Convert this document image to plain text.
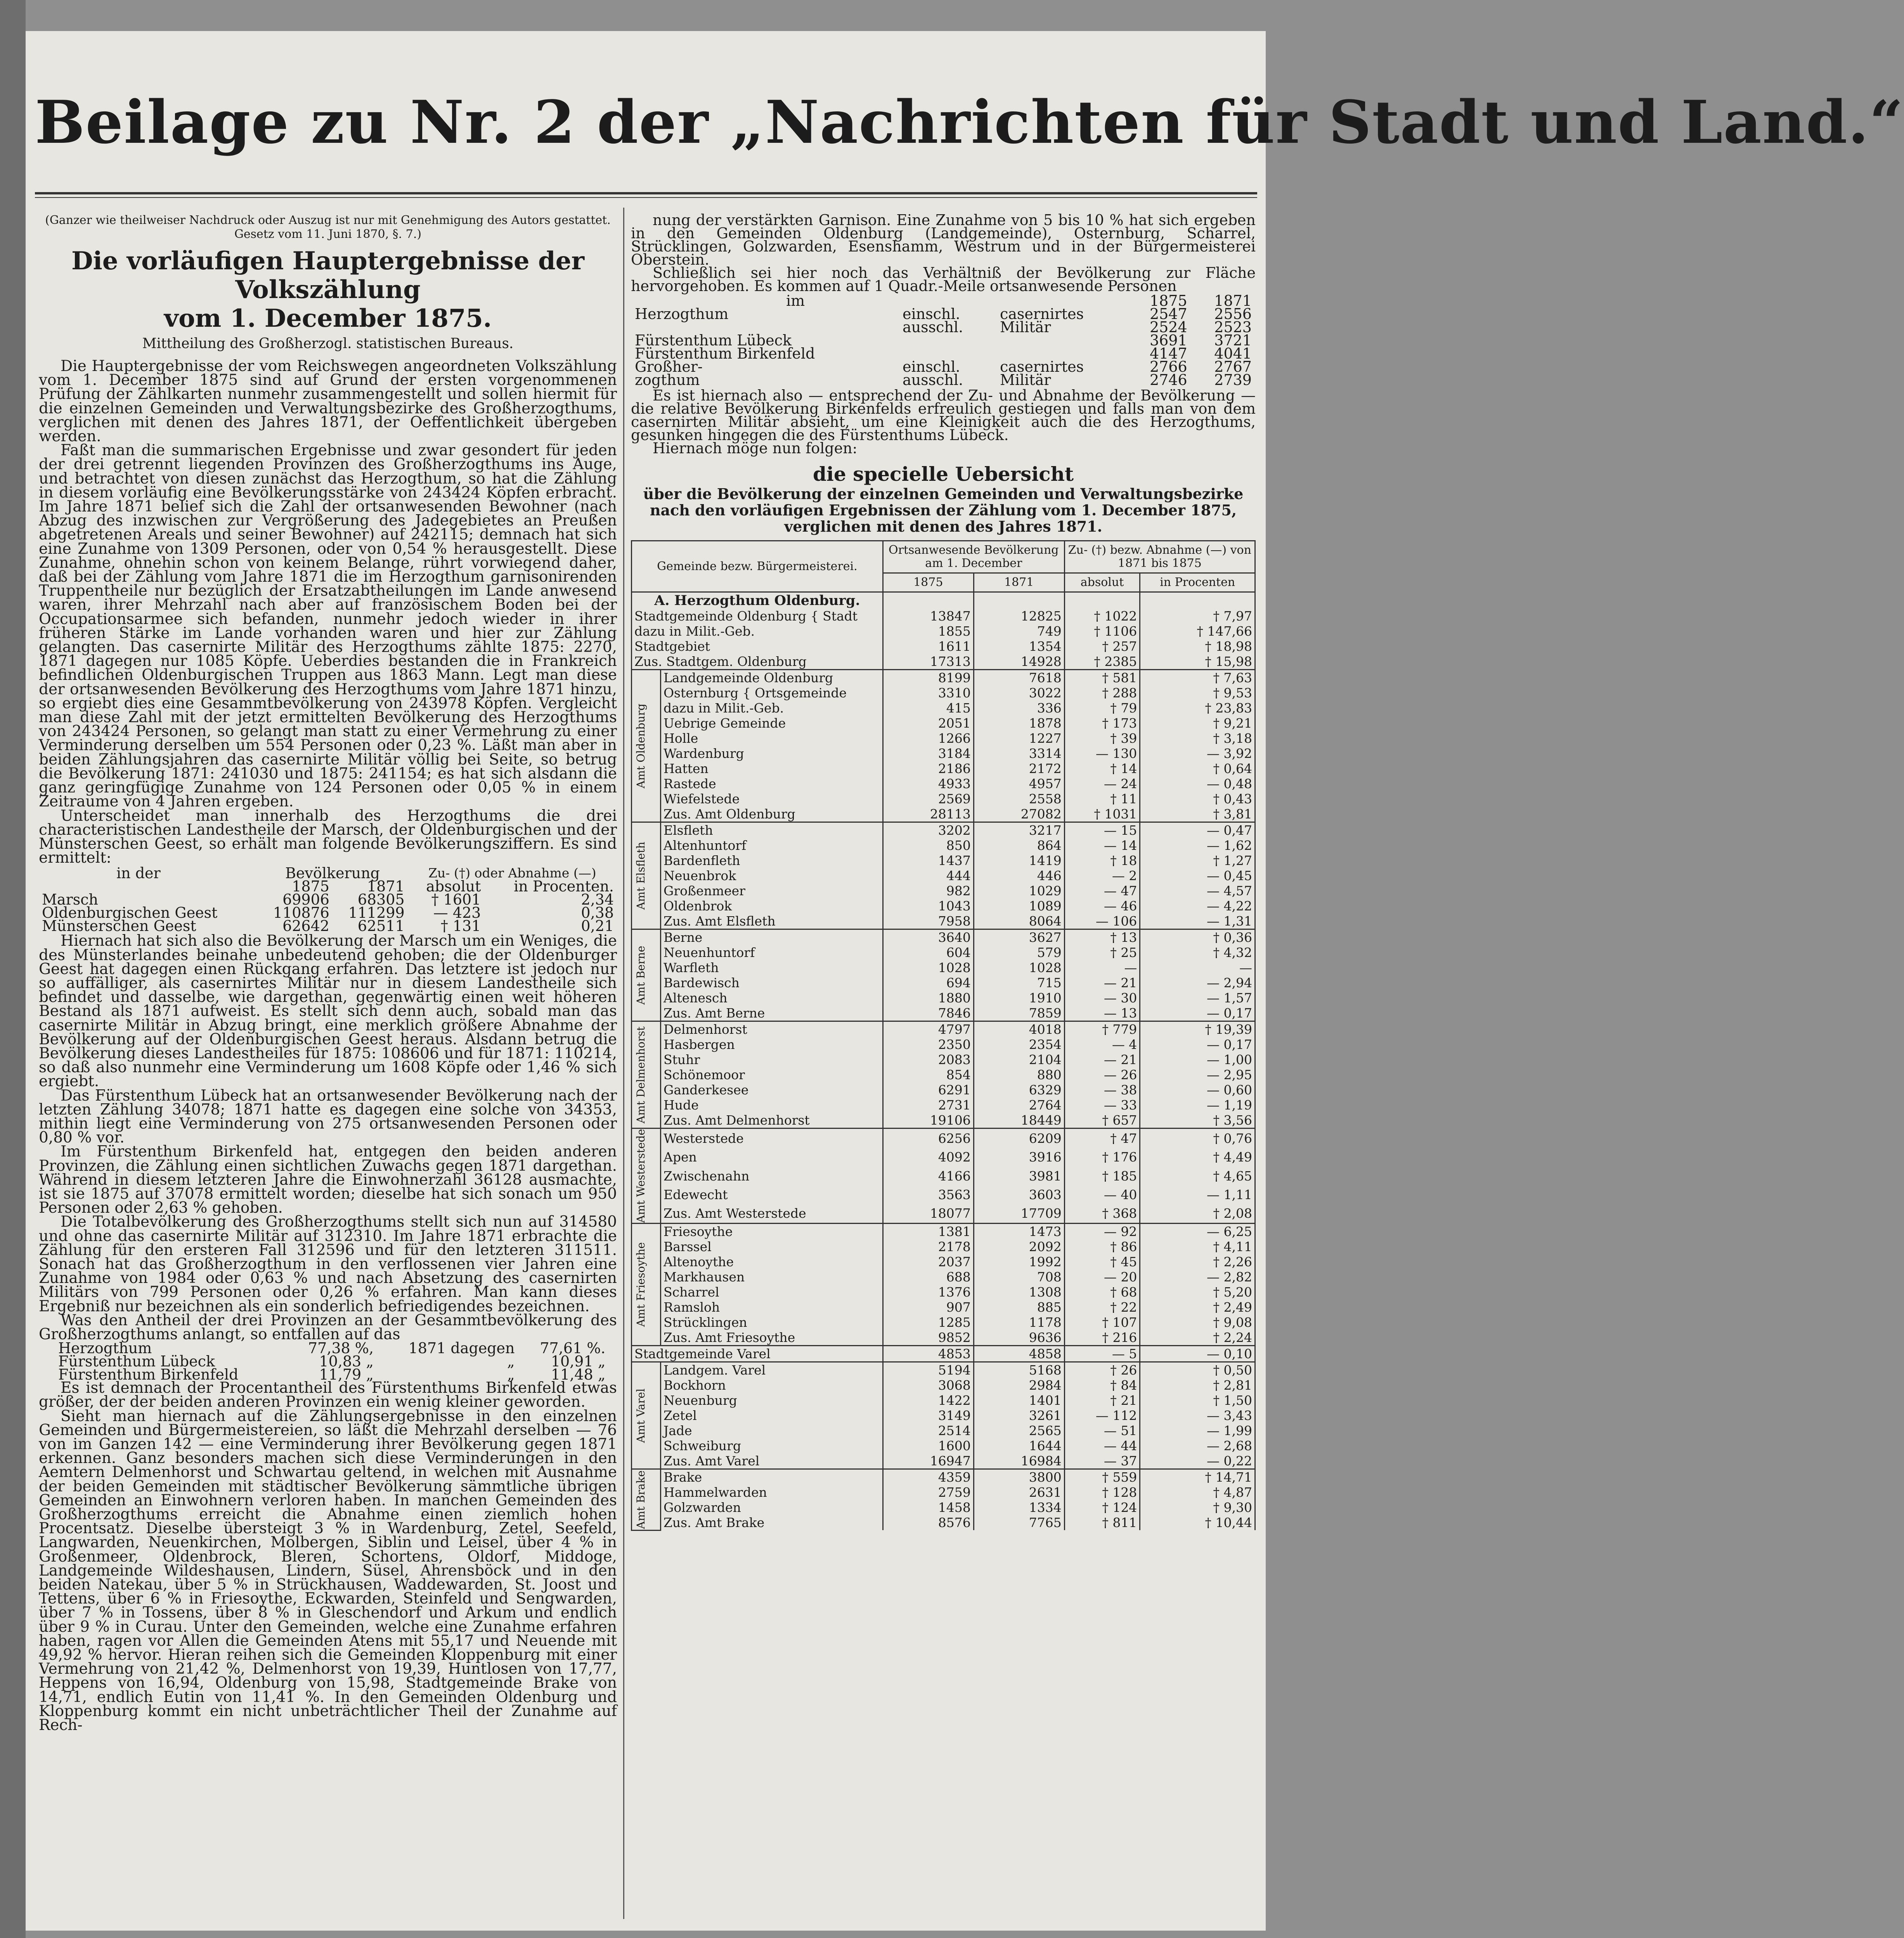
Beilage zu Nr. 2 der „Nachrichten für Stadt und Land.“
(Ganzer wie theilweiser Nachdruck oder Auszug ist nur mit Genehmigung des Autors gestattet. Gesetz vom 11. Juni 1870, §. 7.)
Die vorläufigen Hauptergebnisse der Volkszählung
vom 1. December 1875.
Mittheilung des Großherzogl. statistischen Bureaus.

Die Hauptergebnisse der vom Reichswegen angeordneten Volkszählung vom 1. December 1875 sind auf Grund der ersten vorgenommenen Prüfung der Zählkarten nunmehr zusammengestellt und sollen hiermit für die einzelnen Gemeinden und Verwaltungsbezirke des Großherzogthums, verglichen mit denen des Jahres 1871, der Oeffentlichkeit übergeben werden.

Faßt man die summarischen Ergebnisse und zwar gesondert für jeden der drei getrennt liegenden Provinzen des Großherzogthums ins Auge, und betrachtet von diesen zunächst das Herzogthum, so hat die Zählung in diesem vorläufig eine Bevölkerungsstärke von 243424 Köpfen erbracht. Im Jahre 1871 belief sich die Zahl der ortsanwesenden Bewohner (nach Abzug des inzwischen zur Vergrößerung des Jadegebietes an Preußen abgetretenen Areals und seiner Bewohner) auf 242115; demnach hat sich eine Zunahme von 1309 Personen, oder von 0,54 % herausgestellt. Diese Zunahme, ohnehin schon von keinem Belange, rührt vorwiegend daher, daß bei der Zählung vom Jahre 1871 die im Herzogthum garnisonirenden Truppentheile nur bezüglich der Ersatzabtheilungen im Lande anwesend waren, ihrer Mehrzahl nach aber auf französischem Boden bei der Occupationsarmee sich befanden, nunmehr jedoch wieder in ihrer früheren Stärke im Lande vorhanden waren und hier zur Zählung gelangten. Das casernirte Militär des Herzogthums zählte 1875: 2270, 1871 dagegen nur 1085 Köpfe. Ueberdies bestanden die in Frankreich befindlichen Oldenburgischen Truppen aus 1863 Mann. Legt man diese der ortsanwesenden Bevölkerung des Herzogthums vom Jahre 1871 hinzu, so ergiebt dies eine Gesammtbevölkerung von 243978 Köpfen. Vergleicht man diese Zahl mit der jetzt ermittelten Bevölkerung des Herzogthums von 243424 Personen, so gelangt man statt zu einer Vermehrung zu einer Verminderung derselben um 554 Personen oder 0,23 %. Läßt man aber in beiden Zählungsjahren das casernirte Militär völlig bei Seite, so betrug die Bevölkerung 1871: 241030 und 1875: 241154; es hat sich alsdann die ganz geringfügige Zunahme von 124 Personen oder 0,05 % in einem Zeitraume von 4 Jahren ergeben.

Unterscheidet man innerhalb des Herzogthums die drei characteristischen Landestheile der Marsch, der Oldenburgischen und der Münsterschen Geest, so erhält man folgende Bevölkerungsziffern. Es sind ermittelt:

in der	Bevölkerung		Zu- (†) oder Abnahme (—)	
	1875	1871	absolut	in Procenten.
Marsch	69906	68305	† 1601	2,34
Oldenburgischen Geest	110876	111299	— 423	0,38
Münsterschen Geest	62642	62511	† 131	0,21

Hiernach hat sich also die Bevölkerung der Marsch um ein Weniges, die des Münsterlandes beinahe unbedeutend gehoben; die der Oldenburger Geest hat dagegen einen Rückgang erfahren. Das letztere ist jedoch nur so auffälliger, als casernirtes Militär nur in diesem Landestheile sich befindet und dasselbe, wie dargethan, gegenwärtig einen weit höheren Bestand als 1871 aufweist. Es stellt sich denn auch, sobald man das casernirte Militär in Abzug bringt, eine merklich größere Abnahme der Bevölkerung auf der Oldenburgischen Geest heraus. Alsdann betrug die Bevölkerung dieses Landestheiles für 1875: 108606 und für 1871: 110214, so daß also nunmehr eine Verminderung um 1608 Köpfe oder 1,46 % sich ergiebt.

Das Fürstenthum Lübeck hat an ortsanwesender Bevölkerung nach der letzten Zählung 34078; 1871 hatte es dagegen eine solche von 34353, mithin liegt eine Verminderung von 275 ortsanwesenden Personen oder 0,80 % vor.

Im Fürstenthum Birkenfeld hat, entgegen den beiden anderen Provinzen, die Zählung einen sichtlichen Zuwachs gegen 1871 dargethan. Während in diesem letzteren Jahre die Einwohnerzahl 36128 ausmachte, ist sie 1875 auf 37078 ermittelt worden; dieselbe hat sich sonach um 950 Personen oder 2,63 % gehoben.

Die Totalbevölkerung des Großherzogthums stellt sich nun auf 314580 und ohne das casernirte Militär auf 312310. Im Jahre 1871 erbrachte die Zählung für den ersteren Fall 312596 und für den letzteren 311511. Sonach hat das Großherzogthum in den verflossenen vier Jahren eine Zunahme von 1984 oder 0,63 % und nach Absetzung des casernirten Militärs von 799 Personen oder 0,26 % erfahren. Man kann dieses Ergebniß nur bezeichnen als ein sonderlich befriedigendes bezeichnen.

Was den Antheil der drei Provinzen an der Gesammtbevölkerung des Großherzogthums anlangt, so entfallen auf das

Herzogthum	77,38 %,	1871 dagegen	77,61 %.
Fürstenthum Lübeck	10,83 „	„	10,91 „
Fürstenthum Birkenfeld	11,79 „	„	11,48 „

Es ist demnach der Procentantheil des Fürstenthums Birkenfeld etwas größer, der der beiden anderen Provinzen ein wenig kleiner geworden.

Sieht man hiernach auf die Zählungsergebnisse in den einzelnen Gemeinden und Bürgermeistereien, so läßt die Mehrzahl derselben — 76 von im Ganzen 142 — eine Verminderung ihrer Bevölkerung gegen 1871 erkennen. Ganz besonders machen sich diese Verminderungen in den Aemtern Delmenhorst und Schwartau geltend, in welchen mit Ausnahme der beiden Gemeinden mit städtischer Bevölkerung sämmtliche übrigen Gemeinden an Einwohnern verloren haben. In manchen Gemeinden des Großherzogthums erreicht die Abnahme einen ziemlich hohen Procentsatz. Dieselbe übersteigt 3 % in Wardenburg, Zetel, Seefeld, Langwarden, Neuenkirchen, Molbergen, Siblin und Leisel, über 4 % in Großenmeer, Oldenbrock, Bleren, Schortens, Oldorf, Middoge, Landgemeinde Wildeshausen, Lindern, Süsel, Ahrensböck und in den beiden Natekau, über 5 % in Strückhausen, Waddewarden, St. Joost und Tettens, über 6 % in Friesoythe, Eckwarden, Steinfeld und Sengwarden, über 7 % in Tossens, über 8 % in Gleschendorf und Arkum und endlich über 9 % in Curau. Unter den Gemeinden, welche eine Zunahme erfahren haben, ragen vor Allen die Gemeinden Atens mit 55,17 und Neuende mit 49,92 % hervor. Hieran reihen sich die Gemeinden Kloppenburg mit einer Vermehrung von 21,42 %, Delmenhorst von 19,39, Huntlosen von 17,77, Heppens von 16,94, Oldenburg von 15,98, Stadtgemeinde Brake von 14,71, endlich Eutin von 11,41 %. In den Gemeinden Oldenburg und Kloppenburg kommt ein nicht unbeträchtlicher Theil der Zunahme auf Rech-

nung der verstärkten Garnison. Eine Zunahme von 5 bis 10 % hat sich ergeben in den Gemeinden Oldenburg (Landgemeinde), Osternburg, Scharrel, Strücklingen, Golzwarden, Esenshamm, Westrum und in der Bürgermeisterei Oberstein.

Schließlich sei hier noch das Verhältniß der Bevölkerung zur Fläche hervorgehoben. Es kommen auf 1 Quadr.-Meile ortsanwesende Personen

im			1875	1871
Herzogthum	einschl.	casernirtes	2547	2556
	ausschl.	Militär	2524	2523
Fürstenthum Lübeck			3691	3721
Fürstenthum Birkenfeld			4147	4041
Großher-	einschl.	casernirtes	2766	2767
zogthum	ausschl.	Militär	2746	2739

Es ist hiernach also — entsprechend der Zu- und Abnahme der Bevölkerung — die relative Bevölkerung Birkenfelds erfreulich gestiegen und falls man von dem casernirten Militär absieht, um eine Kleinigkeit auch die des Herzogthums, gesunken hingegen die des Fürstenthums Lübeck.

Hiernach möge nun folgen:

die specielle Uebersicht
über die Bevölkerung der einzelnen Gemeinden und Verwaltungsbezirke nach den vorläufigen Ergebnissen der Zählung vom 1. December 1875, verglichen mit denen des Jahres 1871.
Gemeinde bezw. Bürgermeisterei.		Ortsanwesende Bevölkerung am 1. December		Zu- (†) bezw. Abnahme (—) von 1871 bis 1875	
		1875	1871	absolut	in Procenten
A. Herzogthum Oldenburg.					
Stadtgemeinde Oldenburg { Stadt		13847	12825	† 1022	† 7,97
dazu in Milit.-Geb.		1855	749	† 1106	† 147,66
Stadtgebiet		1611	1354	† 257	† 18,98
Zus. Stadtgem. Oldenburg		17313	14928	† 2385	† 15,98

Amt Oldenburg	Landgemeinde Oldenburg	8199	7618	† 581	† 7,63
	Osternburg { Ortsgemeinde	3310	3022	† 288	† 9,53
	dazu in Milit.-Geb.	415	336	† 79	† 23,83
	Uebrige Gemeinde	2051	1878	† 173	† 9,21
	Holle	1266	1227	† 39	† 3,18
	Wardenburg	3184	3314	— 130	— 3,92
	Hatten	2186	2172	† 14	† 0,64
	Rastede	4933	4957	— 24	— 0,48
	Wiefelstede	2569	2558	† 11	† 0,43
	Zus. Amt Oldenburg	28113	27082	† 1031	† 3,81

Amt Elsfleth	Elsfleth	3202	3217	— 15	— 0,47
	Altenhuntorf	850	864	— 14	— 1,62
	Bardenfleth	1437	1419	† 18	† 1,27
	Neuenbrok	444	446	— 2	— 0,45
	Großenmeer	982	1029	— 47	— 4,57
	Oldenbrok	1043	1089	— 46	— 4,22
	Zus. Amt Elsfleth	7958	8064	— 106	— 1,31

Amt Berne	Berne	3640	3627	† 13	† 0,36
	Neuenhuntorf	604	579	† 25	† 4,32
	Warfleth	1028	1028	—	—
	Bardewisch	694	715	— 21	— 2,94
	Altenesch	1880	1910	— 30	— 1,57
	Zus. Amt Berne	7846	7859	— 13	— 0,17

Amt Delmenhorst	Delmenhorst	4797	4018	† 779	† 19,39
	Hasbergen	2350	2354	— 4	— 0,17
	Stuhr	2083	2104	— 21	— 1,00
	Schönemoor	854	880	— 26	— 2,95
	Ganderkesee	6291	6329	— 38	— 0,60
	Hude	2731	2764	— 33	— 1,19
	Zus. Amt Delmenhorst	19106	18449	† 657	† 3,56

Amt Westerstede	Westerstede	6256	6209	† 47	† 0,76
	Apen	4092	3916	† 176	† 4,49
	Zwischenahn	4166	3981	† 185	† 4,65
	Edewecht	3563	3603	— 40	— 1,11
	Zus. Amt Westerstede	18077	17709	† 368	† 2,08

Amt Friesoythe	Friesoythe	1381	1473	— 92	— 6,25
	Barssel	2178	2092	† 86	† 4,11
	Altenoythe	2037	1992	† 45	† 2,26
	Markhausen	688	708	— 20	— 2,82
	Scharrel	1376	1308	† 68	† 5,20
	Ramsloh	907	885	† 22	† 2,49
	Strücklingen	1285	1178	† 107	† 9,08
	Zus. Amt Friesoythe	9852	9636	† 216	† 2,24
Stadtgemeinde Varel		4853	4858	— 5	— 0,10

Amt Varel	Landgem. Varel	5194	5168	† 26	† 0,50
	Bockhorn	3068	2984	† 84	† 2,81
	Neuenburg	1422	1401	† 21	† 1,50
	Zetel	3149	3261	— 112	— 3,43
	Jade	2514	2565	— 51	— 1,99
	Schweiburg	1600	1644	— 44	— 2,68
	Zus. Amt Varel	16947	16984	— 37	— 0,22

Amt Brake	Brake	4359	3800	† 559	† 14,71
	Hammelwarden	2759	2631	† 128	† 4,87
	Golzwarden	1458	1334	† 124	† 9,30
	Zus. Amt Brake	8576	7765	† 811	† 10,44
